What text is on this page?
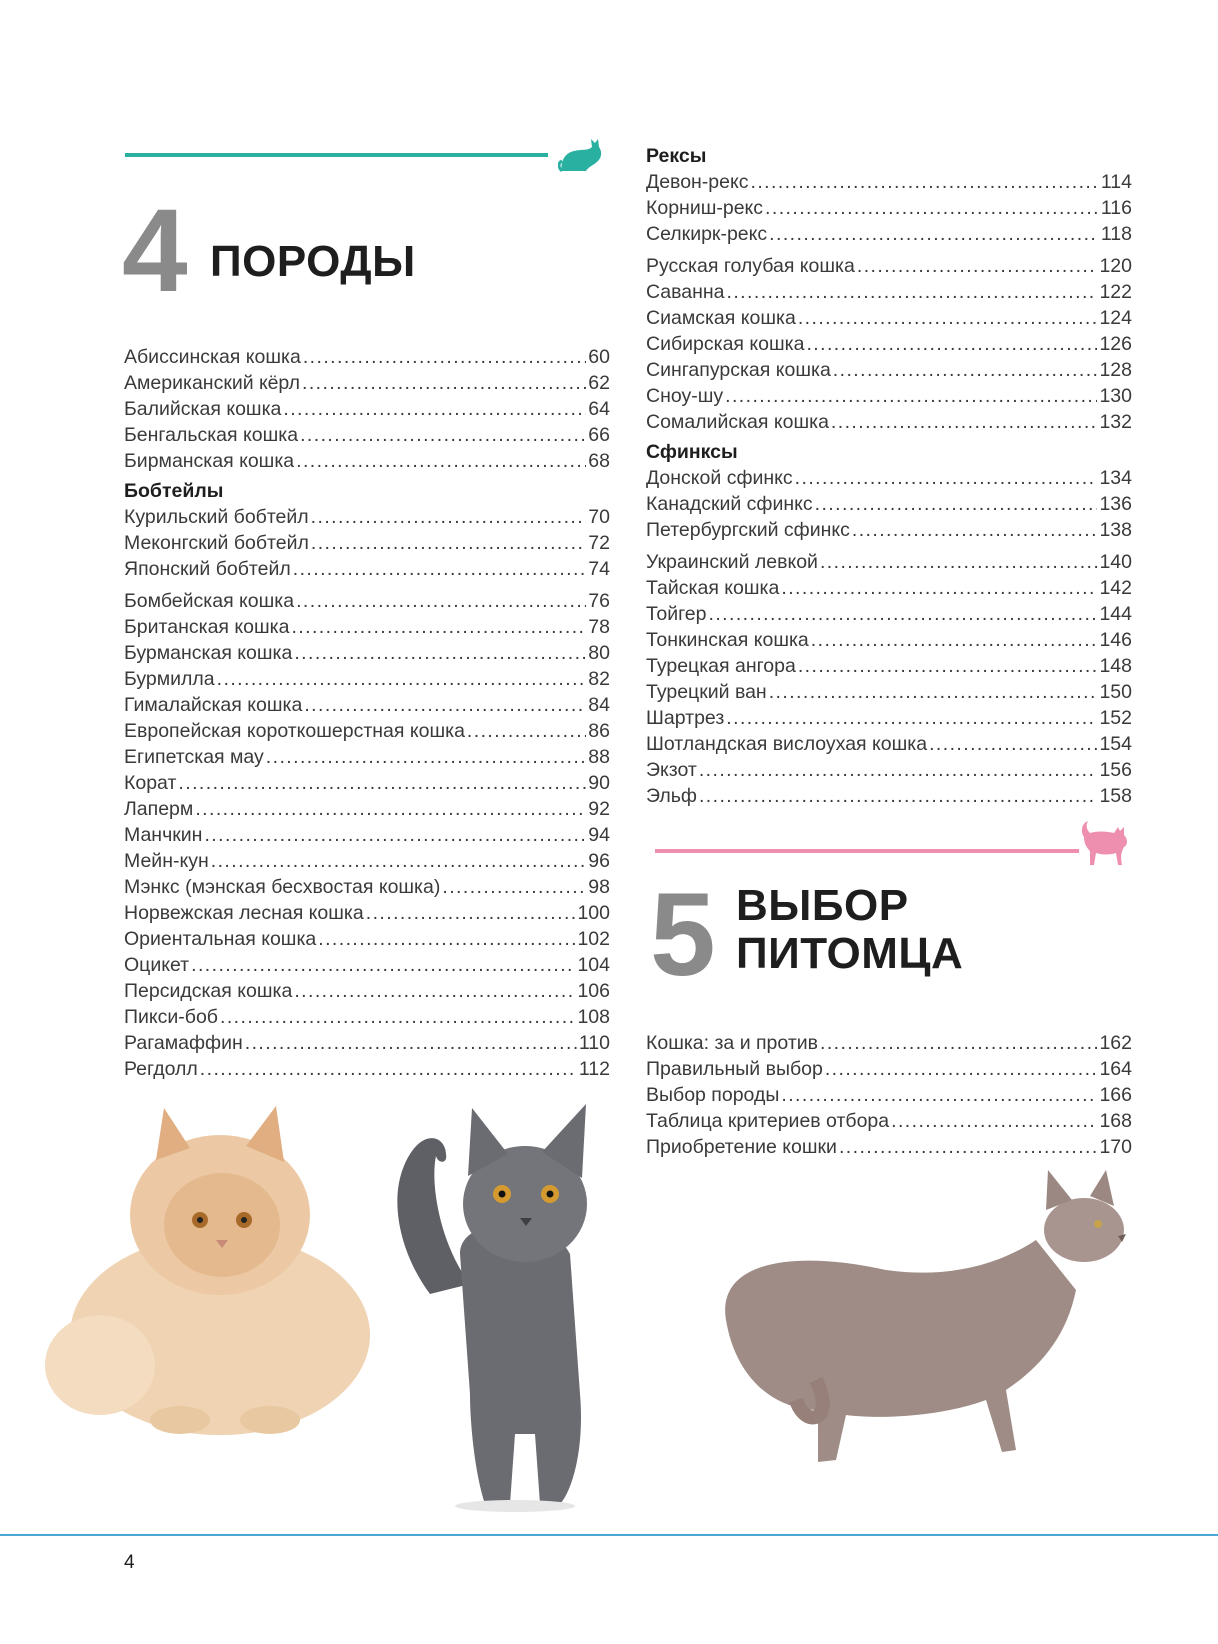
4 ПОРОДЫ
Абиссинская кошка . . .	60
Американский кёрл . . .	62
Балийская кошка . . .	64
Бенгальская кошка . . .	66
Бирманская кошка . . .	68
Бобтейлы
Курильский бобтейл . . .	70
Меконгский бобтейл . . .	72
Японский бобтейл . . .	74
Бомбейская кошка . . .	76
Британская кошка . . .	78
Бурманская кошка . . .	80
Бурмилла . . .	82
Гималайская кошка . . .	84
Европейская короткошерстная кошка . . .	86
Египетская мау . . .	88
Корат . . .	90
Лаперм . . .	92
Манчкин . . .	94
Мейн-кун . . .	96
Мэнкс (мэнская бесхвостая кошка) . . .	98
Норвежская лесная кошка . . .	100
Ориентальная кошка . . .	102
Оцикет . . .	104
Персидская кошка . . .	106
Пикси-боб . . .	108
Рагамаффин . . .	110
Регдолл . . .	112
Рексы
Девон-рекс . . .	114
Корниш-рекс . . .	116
Селкирк-рекс . . .	118
Русская голубая кошка . . .	120
Саванна . . .	122
Сиамская кошка . . .	124
Сибирская кошка . . .	126
Сингапурская кошка . . .	128
Сноу-шу . . .	130
Сомалийская кошка . . .	132
Сфинксы
Донской сфинкс . . .	134
Канадский сфинкс . . .	136
Петербургский сфинкс . . .	138
Украинский левкой . . .	140
Тайская кошка . . .	142
Тойгер . . .	144
Тонкинская кошка . . .	146
Турецкая ангора . . .	148
Турецкий ван . . .	150
Шартрез . . .	152
Шотландская вислоухая кошка . . .	154
Экзот . . .	156
Эльф . . .	158
5 ВЫБОР
ПИТОМЦА
Кошка: за и против . . .	162
Правильный выбор . . .	164
Выбор породы . . .	166
Таблица критериев отбора . . .	168
Приобретение кошки . . .	170
4
